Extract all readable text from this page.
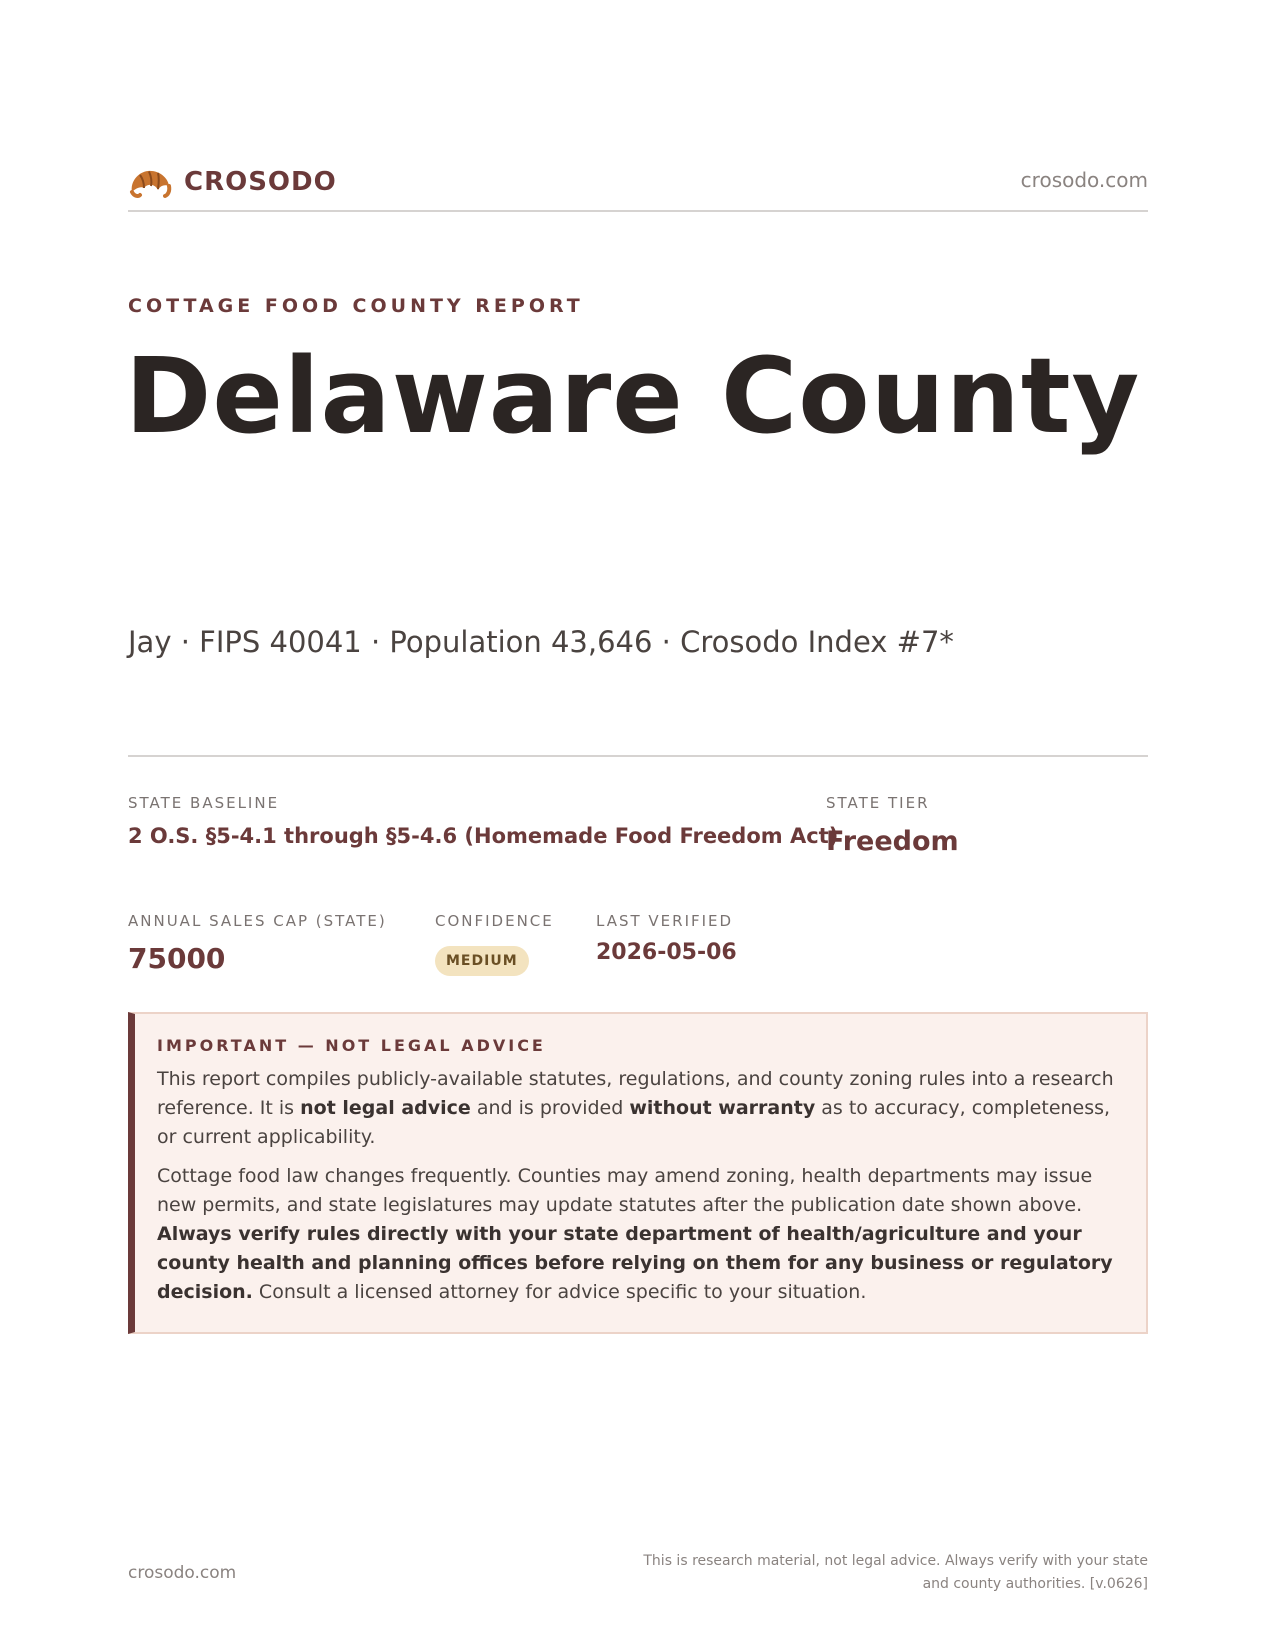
CROSODO	crosodo.com
COTTAGE FOOD COUNTY REPORT
Delaware County
Jay · FIPS 40041 · Population 43,646 · Crosodo Index #7*
STATE BASELINE
2 O.S. §5-4.1 through §5-4.6 (Homemade Food Freedom Act)
STATE TIER
Freedom
ANNUAL SALES CAP (STATE)
75000
CONFIDENCE
MEDIUM
LAST VERIFIED
2026-05-06
IMPORTANT — NOT LEGAL ADVICE

This report compiles publicly-available statutes, regulations, and county zoning rules into a research reference. It is not legal advice and is provided without warranty as to accuracy, completeness, or current applicability.

Cottage food law changes frequently. Counties may amend zoning, health departments may issue new permits, and state legislatures may update statutes after the publication date shown above. Always verify rules directly with your state department of health/agriculture and your county health and planning offices before relying on them for any business or regulatory decision. Consult a licensed attorney for advice specific to your situation.

crosodo.com
This is research material, not legal advice. Always verify with your state
and county authorities. [v.0626]
